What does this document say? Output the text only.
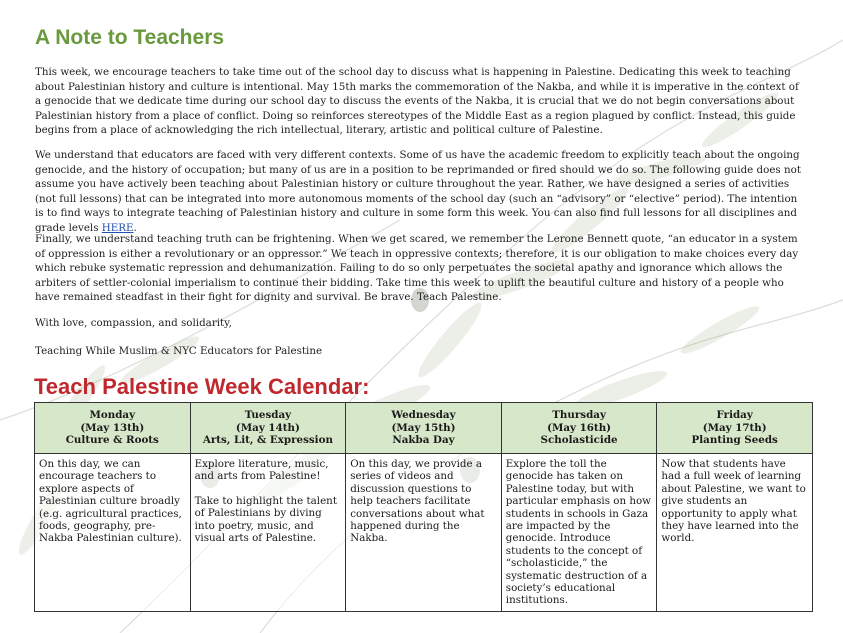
A Note to Teachers

This week, we encourage teachers to take time out of the school day to discuss what is happening in Palestine. Dedicating this week to teaching about Palestinian history and culture is intentional. May 15th marks the commemoration of the Nakba, and while it is imperative in the context of a genocide that we dedicate time during our school day to discuss the events of the Nakba, it is crucial that we do not begin conversations about Palestinian history from a place of conflict. Doing so reinforces stereotypes of the Middle East as a region plagued by conflict. Instead, this guide begins from a place of acknowledging the rich intellectual, literary, artistic and political culture of Palestine.

We understand that educators are faced with very different contexts. Some of us have the academic freedom to explicitly teach about the ongoing genocide, and the history of occupation; but many of us are in a position to be reprimanded or fired should we do so. The following guide does not assume you have actively been teaching about Palestinian history or culture throughout the year. Rather, we have designed a series of activities (not full lessons) that can be integrated into more autonomous moments of the school day (such an “advisory” or “elective” period). The intention is to find ways to integrate teaching of Palestinian history and culture in some form this week. You can also find full lessons for all disciplines and grade levels HERE.

Finally, we understand teaching truth can be frightening. When we get scared, we remember the Lerone Bennett quote, “an educator in a system of oppression is either a revolutionary or an oppressor.” We teach in oppressive contexts; therefore, it is our obligation to make choices every day which rebuke systematic repression and dehumanization. Failing to do so only perpetuates the societal apathy and ignorance which allows the arbiters of settler-colonial imperialism to continue their bidding. Take time this week to uplift the beautiful culture and history of a people who have remained steadfast in their fight for dignity and survival. Be brave. Teach Palestine.

With love, compassion, and solidarity,

Teaching While Muslim & NYC Educators for Palestine

Teach Palestine Week Calendar:
Monday
(May 13th)
Culture & Roots	Tuesday
(May 14th)
Arts, Lit, & Expression	Wednesday
(May 15th)
Nakba Day	Thursday
(May 16th)
Scholasticide	Friday
(May 17th)
Planting Seeds

On this day, we can encourage teachers to explore aspects of Palestinian culture broadly (e.g. agricultural practices, foods, geography, pre-Nakba Palestinian culture).	Explore literature, music, and arts from Palestine!

Take to highlight the talent of Palestinians by diving into poetry, music, and visual arts of Palestine.	On this day, we provide a series of videos and discussion questions to help teachers facilitate conversations about what happened during the Nakba.	Explore the toll the genocide has taken on Palestine today, but with particular emphasis on how students in schools in Gaza are impacted by the genocide. Introduce students to the concept of “scholasticide,” the systematic destruction of a society’s educational institutions.	Now that students have had a full week of learning about Palestine, we want to give students an opportunity to apply what they have learned into the world.
